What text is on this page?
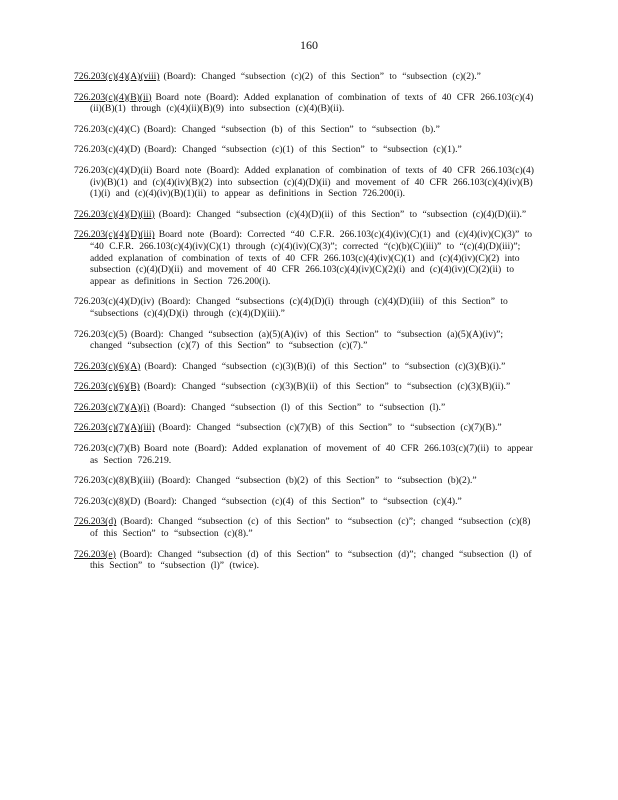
160

726.203(c)(4)(A)(viii) (Board): Changed “subsection (c)(2) of this Section” to “subsection (c)(2).”

726.203(c)(4)(B)(ii) Board note (Board): Added explanation of combination of texts of 40 CFR 266.103(c)(4)(ii)(B)(1) through (c)(4)(ii)(B)(9) into subsection (c)(4)(B)(ii).

726.203(c)(4)(C) (Board): Changed “subsection (b) of this Section” to “subsection (b).”

726.203(c)(4)(D) (Board): Changed “subsection (c)(1) of this Section” to “subsection (c)(1).”

726.203(c)(4)(D)(ii) Board note (Board): Added explanation of combination of texts of 40 CFR 266.103(c)(4)(iv)(B)(1) and (c)(4)(iv)(B)(2) into subsection (c)(4)(D)(ii) and movement of 40 CFR 266.103(c)(4)(iv)(B)(1)(i) and (c)(4)(iv)(B)(1)(ii) to appear as definitions in Section 726.200(i).

726.203(c)(4)(D)(iii) (Board): Changed “subsection (c)(4)(D)(ii) of this Section” to “subsection (c)(4)(D)(ii).”

726.203(c)(4)(D)(iii) Board note (Board): Corrected “40 C.F.R. 266.103(c)(4)(iv)(C)(1) and (c)(4)(iv)(C)(3)” to “40 C.F.R. 266.103(c)(4)(iv)(C)(1) through (c)(4)(iv)(C)(3)”; corrected “(c)(b)(C)(iii)” to “(c)(4)(D)(iii)”; added explanation of combination of texts of 40 CFR 266.103(c)(4)(iv)(C)(1) and (c)(4)(iv)(C)(2) into subsection (c)(4)(D)(ii) and movement of 40 CFR 266.103(c)(4)(iv)(C)(2)(i) and (c)(4)(iv)(C)(2)(ii) to appear as definitions in Section 726.200(i).

726.203(c)(4)(D)(iv) (Board): Changed “subsections (c)(4)(D)(i) through (c)(4)(D)(iii) of this Section” to “subsections (c)(4)(D)(i) through (c)(4)(D)(iii).”

726.203(c)(5) (Board): Changed “subsection (a)(5)(A)(iv) of this Section” to “subsection (a)(5)(A)(iv)”; changed “subsection (c)(7) of this Section” to “subsection (c)(7).”

726.203(c)(6)(A) (Board): Changed “subsection (c)(3)(B)(i) of this Section” to “subsection (c)(3)(B)(i).”

726.203(c)(6)(B) (Board): Changed “subsection (c)(3)(B)(ii) of this Section” to “subsection (c)(3)(B)(ii).”

726.203(c)(7)(A)(i) (Board): Changed “subsection (l) of this Section” to “subsection (l).”

726.203(c)(7)(A)(iii) (Board): Changed “subsection (c)(7)(B) of this Section” to “subsection (c)(7)(B).”

726.203(c)(7)(B) Board note (Board): Added explanation of movement of 40 CFR 266.103(c)(7)(ii) to appear as Section 726.219.

726.203(c)(8)(B)(iii) (Board): Changed “subsection (b)(2) of this Section” to “subsection (b)(2).”

726.203(c)(8)(D) (Board): Changed “subsection (c)(4) of this Section” to “subsection (c)(4).”

726.203(d) (Board): Changed “subsection (c) of this Section” to “subsection (c)”; changed “subsection (c)(8) of this Section” to “subsection (c)(8).”

726.203(e) (Board): Changed “subsection (d) of this Section” to “subsection (d)”; changed “subsection (l) of this Section” to “subsection (l)” (twice).
